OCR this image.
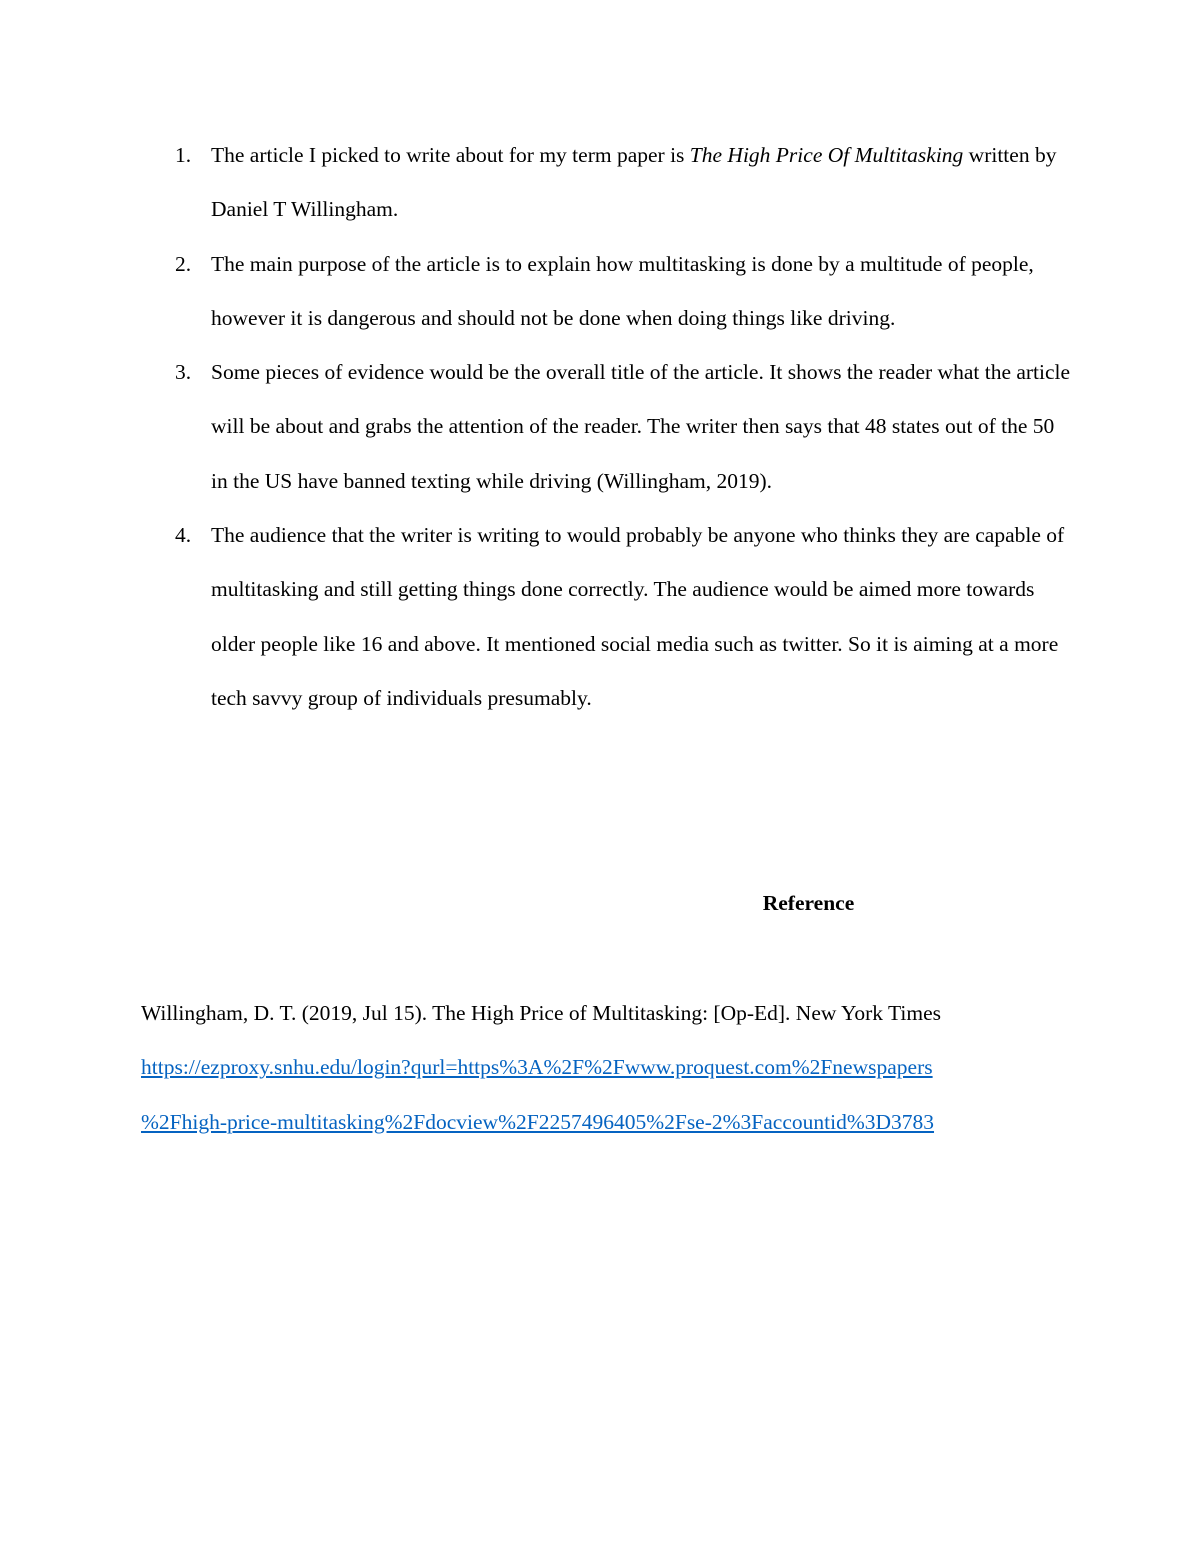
1. The article I picked to write about for my term paper is The High Price Of Multitasking written by Daniel T Willingham.
2. The main purpose of the article is to explain how multitasking is done by a multitude of people, however it is dangerous and should not be done when doing things like driving.
3. Some pieces of evidence would be the overall title of the article. It shows the reader what the article will be about and grabs the attention of the reader. The writer then says that 48 states out of the 50 in the US have banned texting while driving (Willingham, 2019).
4. The audience that the writer is writing to would probably be anyone who thinks they are capable of multitasking and still getting things done correctly. The audience would be aimed more towards older people like 16 and above. It mentioned social media such as twitter. So it is aiming at a more tech savvy group of individuals presumably.
Reference
Willingham, D. T. (2019, Jul 15). The High Price of Multitasking: [Op-Ed]. New York Times
https://ezproxy.snhu.edu/login?qurl=https%3A%2F%2Fwww.proquest.com%2Fnewspapers
%2Fhigh-price-multitasking%2Fdocview%2F2257496405%2Fse-2%3Faccountid%3D3783
